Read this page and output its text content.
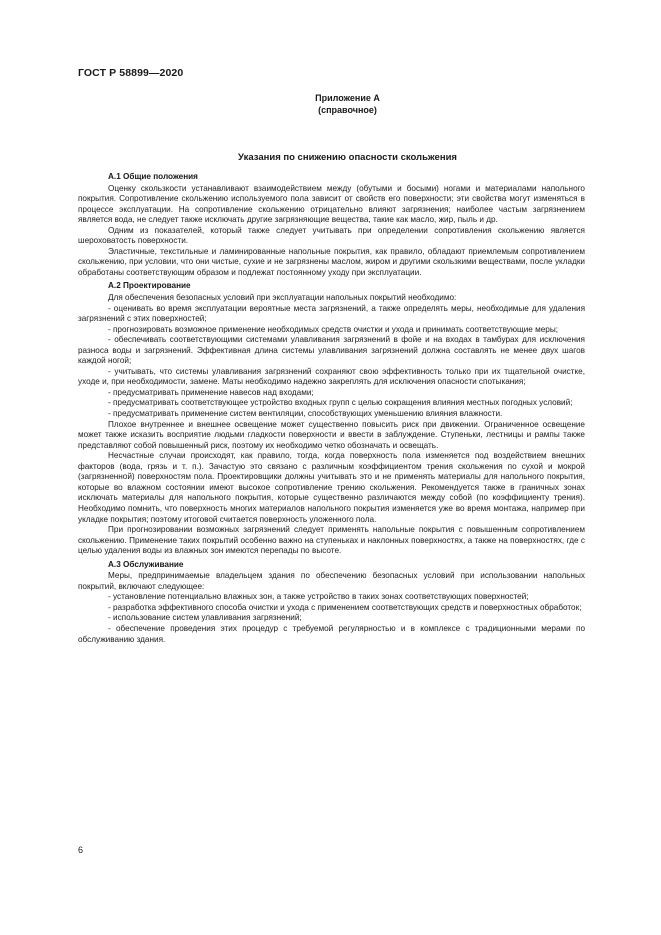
ГОСТ Р 58899—2020
Приложение А
(справочное)
Указания по снижению опасности скольжения
А.1 Общие положения

Оценку скользкости устанавливают взаимодействием между (обутыми и босыми) ногами и материалами напольного покрытия. Сопротивление скольжению используемого пола зависит от свойств его поверхности; эти свойства могут изменяться в процессе эксплуатации. На сопротивление скольжению отрицательно влияют загрязнения; наиболее частым загрязнением является вода, не следует также исключать другие загрязняющие вещества, такие как масло, жир, пыль и др.

Одним из показателей, который также следует учитывать при определении сопротивления скольжению является шероховатость поверхности.

Эластичные, текстильные и ламинированные напольные покрытия, как правило, обладают приемлемым сопротивлением скольжению, при условии, что они чистые, сухие и не загрязнены маслом, жиром и другими скользкими веществами, после укладки обработаны соответствующим образом и подлежат постоянному уходу при эксплуатации.

А.2 Проектирование

Для обеспечения безопасных условий при эксплуатации напольных покрытий необходимо:

- оценивать во время эксплуатации вероятные места загрязнений, а также определять меры, необходимые для удаления загрязнений с этих поверхностей;

- прогнозировать возможное применение необходимых средств очистки и ухода и принимать соответствующие меры;

- обеспечивать соответствующими системами улавливания загрязнений в фойе и на входах в тамбурах для исключения разноса воды и загрязнений. Эффективная длина системы улавливания загрязнений должна составлять не менее двух шагов каждой ногой;

- учитывать, что системы улавливания загрязнений сохраняют свою эффективность только при их тщательной очистке, уходе и, при необходимости, замене. Маты необходимо надежно закреплять для исключения опасности спотыкания;

- предусматривать применение навесов над входами;

- предусматривать соответствующее устройство входных групп с целью сокращения влияния местных погодных условий;

- предусматривать применение систем вентиляции, способствующих уменьшению влияния влажности.

Плохое внутреннее и внешнее освещение может существенно повысить риск при движении. Ограниченное освещение может также исказить восприятие людьми гладкости поверхности и ввести в заблуждение. Ступеньки, лестницы и рампы также представляют собой повышенный риск, поэтому их необходимо четко обозначать и освещать.

Несчастные случаи происходят, как правило, тогда, когда поверхность пола изменяется под воздействием внешних факторов (вода, грязь и т. п.). Зачастую это связано с различным коэффициентом трения скольжения по сухой и мокрой (загрязненной) поверхностям пола. Проектировщики должны учитывать это и не применять материалы для напольного покрытия, которые во влажном состоянии имеют высокое сопротивление трению скольжения. Рекомендуется также в граничных зонах исключать материалы для напольного покрытия, которые существенно различаются между собой (по коэффициенту трения). Необходимо помнить, что поверхность многих материалов напольного покрытия изменяется уже во время монтажа, например при укладке покрытия; поэтому итоговой считается поверхность уложенного пола.

При прогнозировании возможных загрязнений следует применять напольные покрытия с повышенным сопротивлением скольжению. Применение таких покрытий особенно важно на ступеньках и наклонных поверхностях, а также на поверхностях, где с целью удаления воды из влажных зон имеются перепады по высоте.

А.3 Обслуживание

Меры, предпринимаемые владельцем здания по обеспечению безопасных условий при использовании напольных покрытий, включают следующее:

- установление потенциально влажных зон, а также устройство в таких зонах соответствующих поверхностей;

- разработка эффективного способа очистки и ухода с применением соответствующих средств и поверхностных обработок;

- использование систем улавливания загрязнений;

- обеспечение проведения этих процедур с требуемой регулярностью и в комплексе с традиционными мерами по обслуживанию здания.

6
